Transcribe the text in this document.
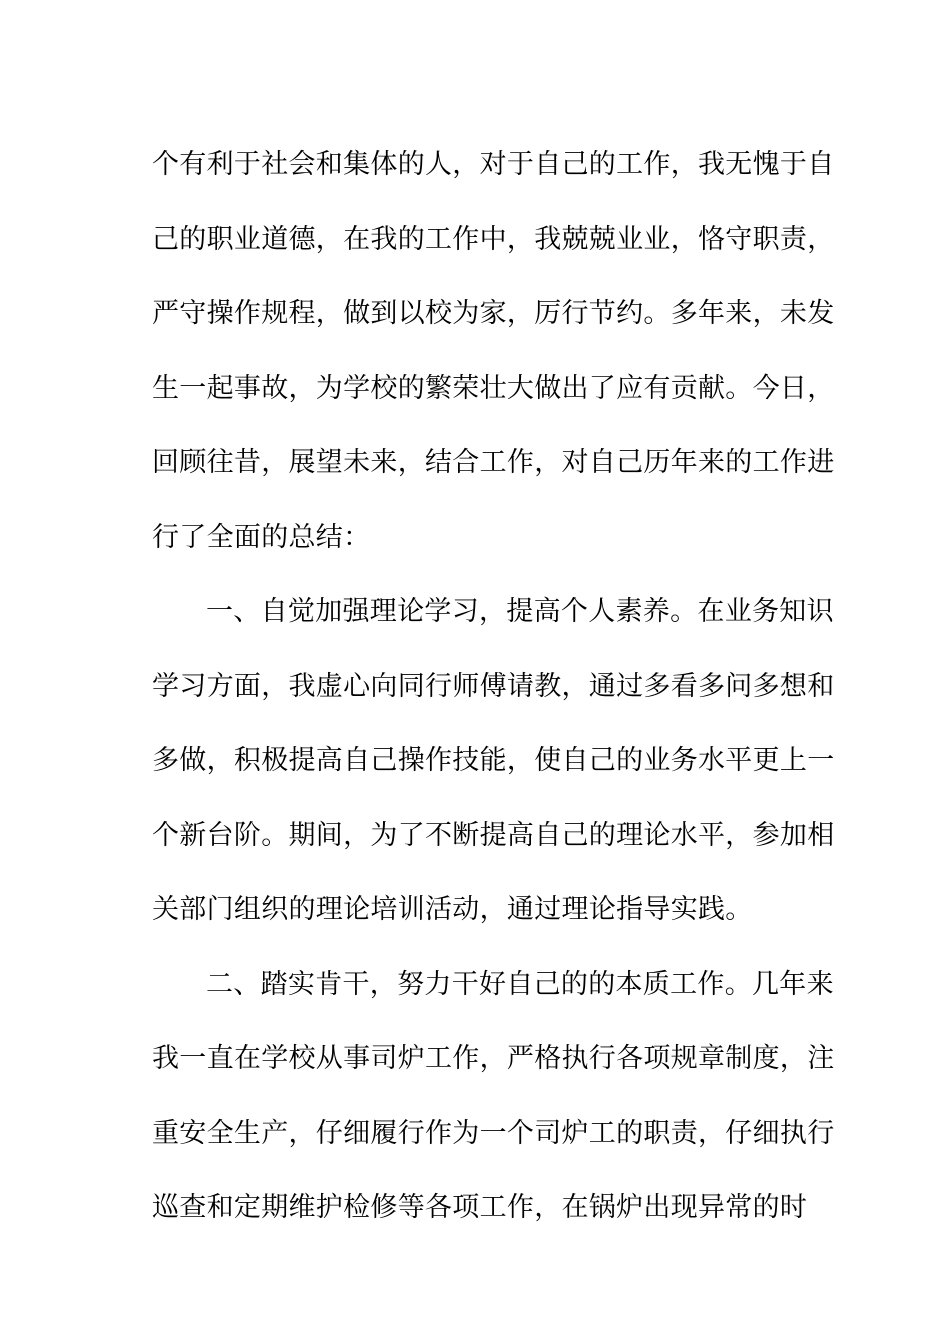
个有利于社会和集体的人，对于自己的工作，我无愧于自
己的职业道德，在我的工作中，我兢兢业业，恪守职责，
严守操作规程，做到以校为家，厉行节约。多年来，未发
生一起事故，为学校的繁荣壮大做出了应有贡献。今日，
回顾往昔，展望未来，结合工作，对自己历年来的工作进
行了全面的总结：
一、自觉加强理论学习，提高个人素养。在业务知识
学习方面，我虚心向同行师傅请教，通过多看多问多想和
多做，积极提高自己操作技能，使自己的业务水平更上一
个新台阶。期间，为了不断提高自己的理论水平，参加相
关部门组织的理论培训活动，通过理论指导实践。
二、踏实肯干，努力干好自己的的本质工作。几年来
我一直在学校从事司炉工作，严格执行各项规章制度，注
重安全生产，仔细履行作为一个司炉工的职责，仔细执行
巡查和定期维护检修等各项工作，在锅炉出现异常的时
